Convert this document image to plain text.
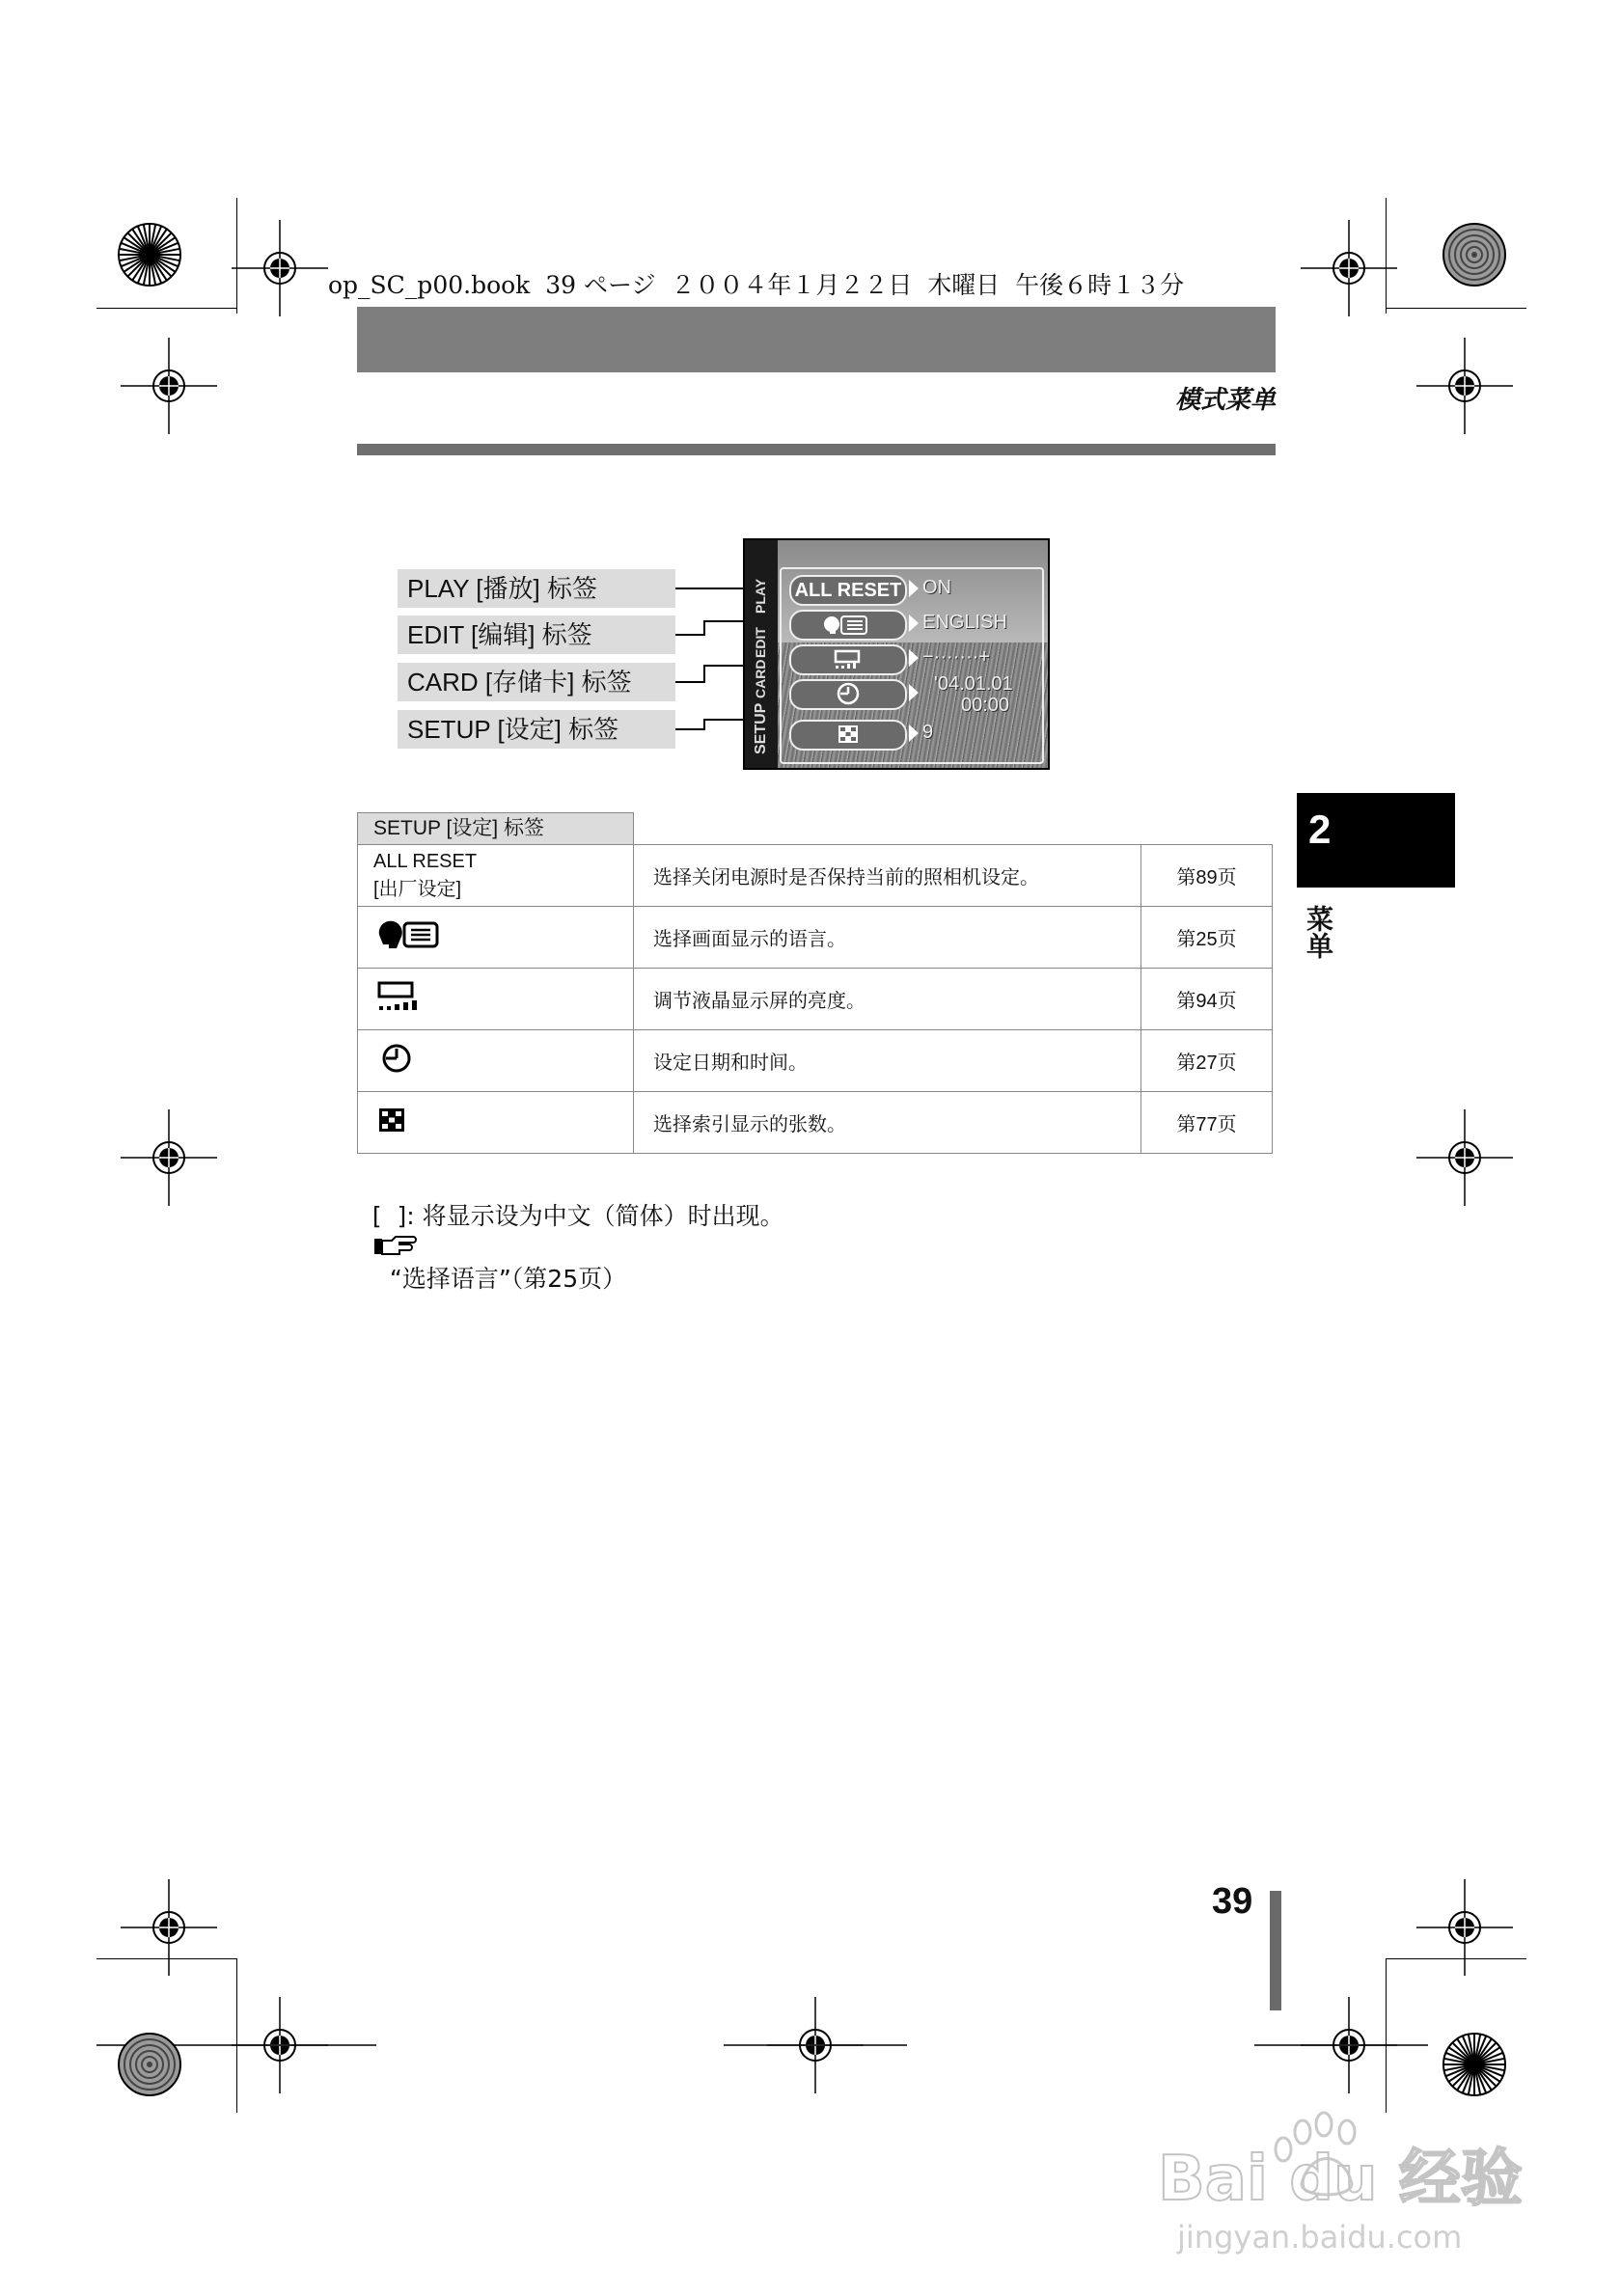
op_SC_p00.book  39 ページ  ２００４年１月２２日  木曜日  午後６時１３分
模式菜单
PLAY [播放] 标签
EDIT [编辑] 标签
CARD [存储卡] 标签
SETUP [设定] 标签
PLAY
EDIT
CARD
SETUP
ALL RESET ON
ENGLISH
−·······+
'04.01.01
00:00
9
SETUP [设定] 标签		

ALL RESET
[出厂设定]	选择关闭电源时是否保持当前的照相机设定。	第89页
	选择画面显示的语言。	第25页
	调节液晶显示屏的亮度。	第94页
	设定日期和时间。	第27页
	选择索引显示的张数。	第77页

[  ]: 将显示设为中文（简体）时出现。

“选择语言”（第25页）

2
菜单
39
Bai du 经验
jingyan.baidu.com
